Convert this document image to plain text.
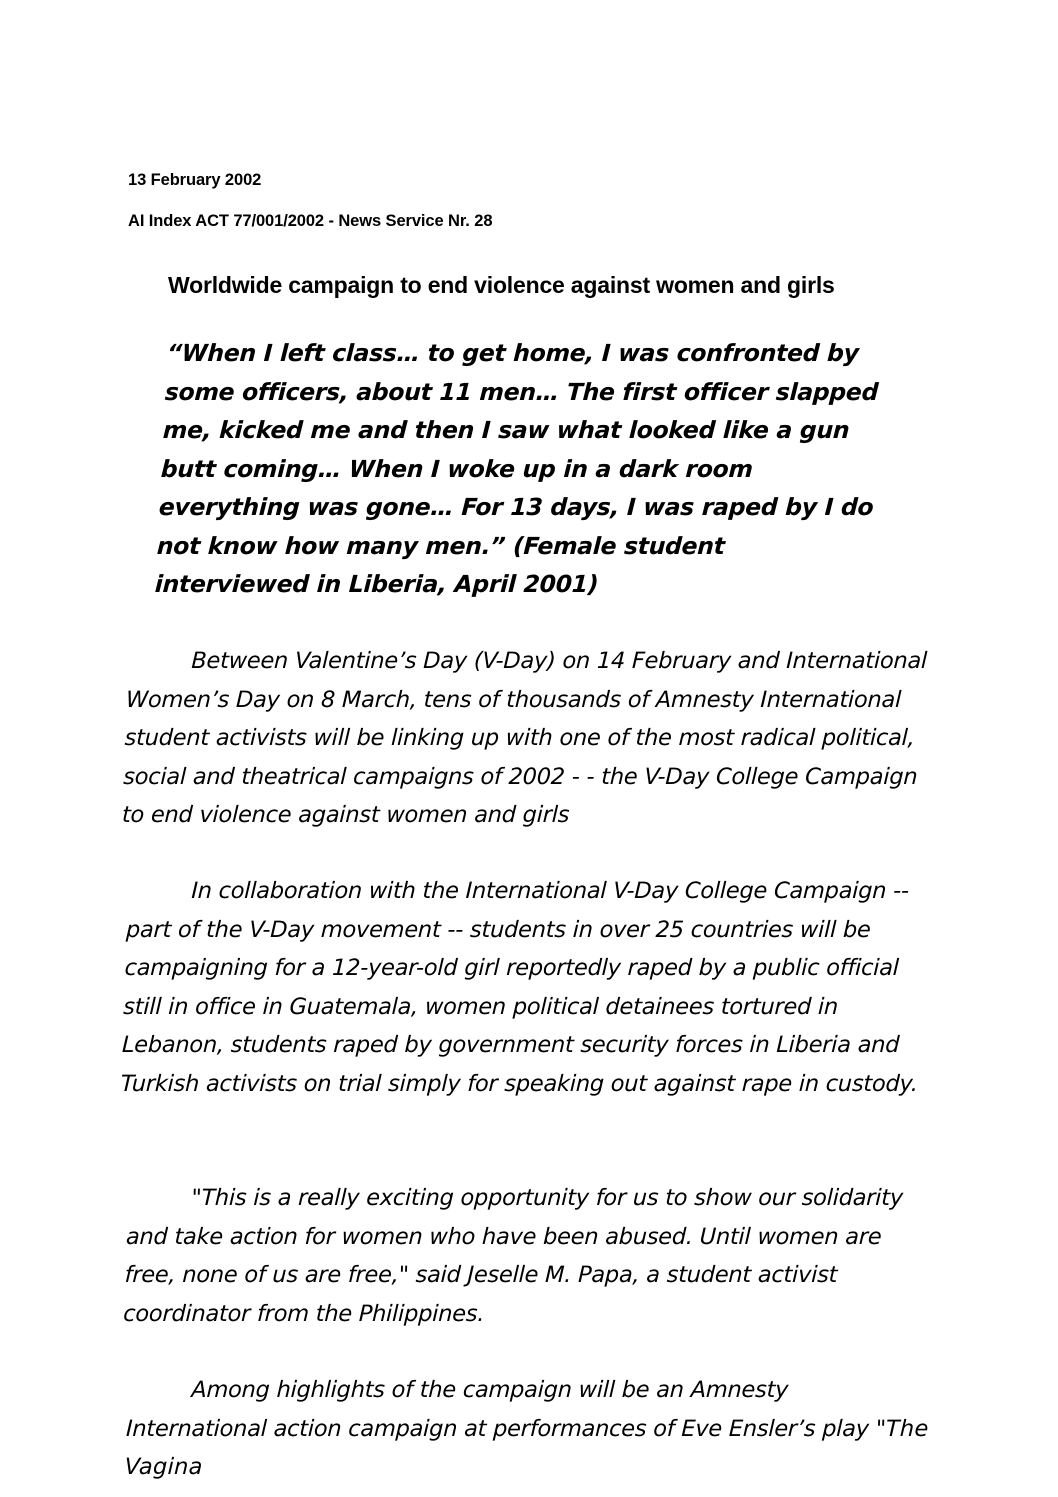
13 February 2002
AI Index ACT 77/001/2002 - News Service Nr. 28
Worldwide campaign to end violence against women and girls
“When I left class… to get home, I was confronted by some officers, about 11 men… The first officer slapped me, kicked me and then I saw what looked like a gun butt coming… When I woke up in a dark room everything was gone… For 13 days, I was raped by I do not know how many men.” (Female student interviewed in Liberia, April 2001)

Between Valentine’s Day (V-Day) on 14 February and International Women’s Day on 8 March, tens of thousands of Amnesty International student activists will be linking up with one of the most radical political, social and theatrical campaigns of 2002 - - the V-Day College Campaign to end violence against women and girls

In collaboration with the International V-Day College Campaign -- part of the V-Day movement -- students in over 25 countries will be campaigning for a 12-year-old girl reportedly raped by a public official still in office in Guatemala, women political detainees tortured in Lebanon, students raped by government security forces in Liberia and Turkish activists on trial simply for speaking out against rape in custody.

"This is a really exciting opportunity for us to show our solidarity and take action for women who have been abused. Until women are free, none of us are free," said Jeselle M. Papa, a student activist coordinator from the Philippines.

Among highlights of the campaign will be an Amnesty International action campaign at performances of Eve Ensler’s play "The Vagina
